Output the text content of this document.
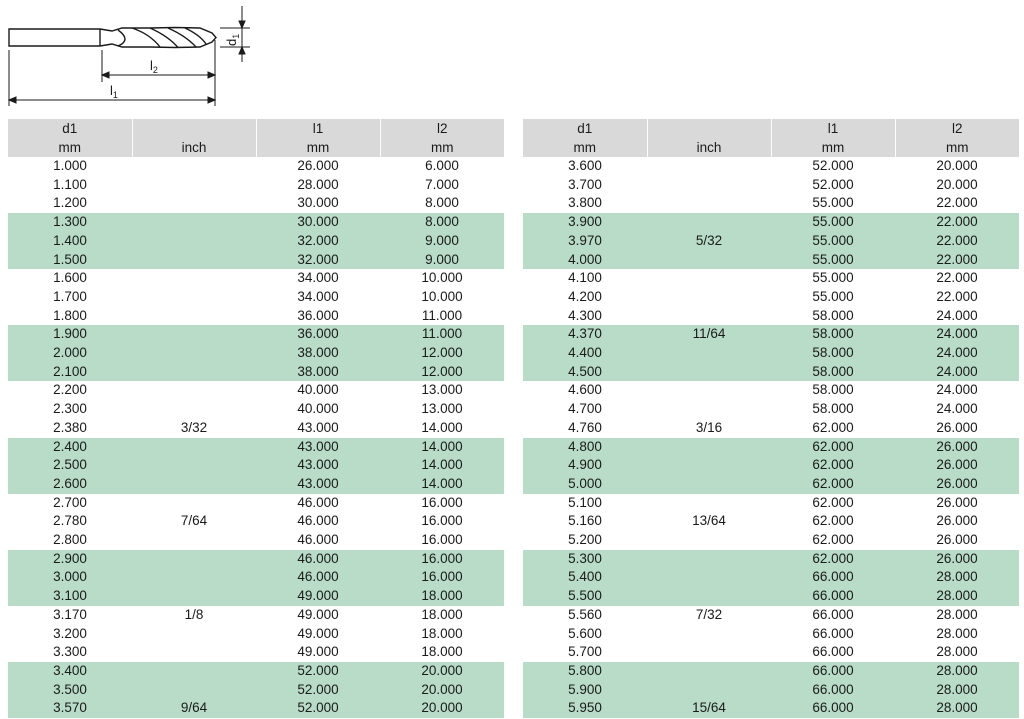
$d_1$
$l_2$
$l_1$
d1		l1	l2
mm	inch	mm	mm
1.000		26.000	6.000
1.100		28.000	7.000
1.200		30.000	8.000
1.300		30.000	8.000
1.400		32.000	9.000
1.500		32.000	9.000
1.600		34.000	10.000
1.700		34.000	10.000
1.800		36.000	11.000
1.900		36.000	11.000
2.000		38.000	12.000
2.100		38.000	12.000
2.200		40.000	13.000
2.300		40.000	13.000
2.380	3/32	43.000	14.000
2.400		43.000	14.000
2.500		43.000	14.000
2.600		43.000	14.000
2.700		46.000	16.000
2.780	7/64	46.000	16.000
2.800		46.000	16.000
2.900		46.000	16.000
3.000		46.000	16.000
3.100		49.000	18.000
3.170	1/8	49.000	18.000
3.200		49.000	18.000
3.300		49.000	18.000
3.400		52.000	20.000
3.500		52.000	20.000
3.570	9/64	52.000	20.000
d1		l1	l2
mm	inch	mm	mm
3.600		52.000	20.000
3.700		52.000	20.000
3.800		55.000	22.000
3.900		55.000	22.000
3.970	5/32	55.000	22.000
4.000		55.000	22.000
4.100		55.000	22.000
4.200		55.000	22.000
4.300		58.000	24.000
4.370	11/64	58.000	24.000
4.400		58.000	24.000
4.500		58.000	24.000
4.600		58.000	24.000
4.700		58.000	24.000
4.760	3/16	62.000	26.000
4.800		62.000	26.000
4.900		62.000	26.000
5.000		62.000	26.000
5.100		62.000	26.000
5.160	13/64	62.000	26.000
5.200		62.000	26.000
5.300		62.000	26.000
5.400		66.000	28.000
5.500		66.000	28.000
5.560	7/32	66.000	28.000
5.600		66.000	28.000
5.700		66.000	28.000
5.800		66.000	28.000
5.900		66.000	28.000
5.950	15/64	66.000	28.000
